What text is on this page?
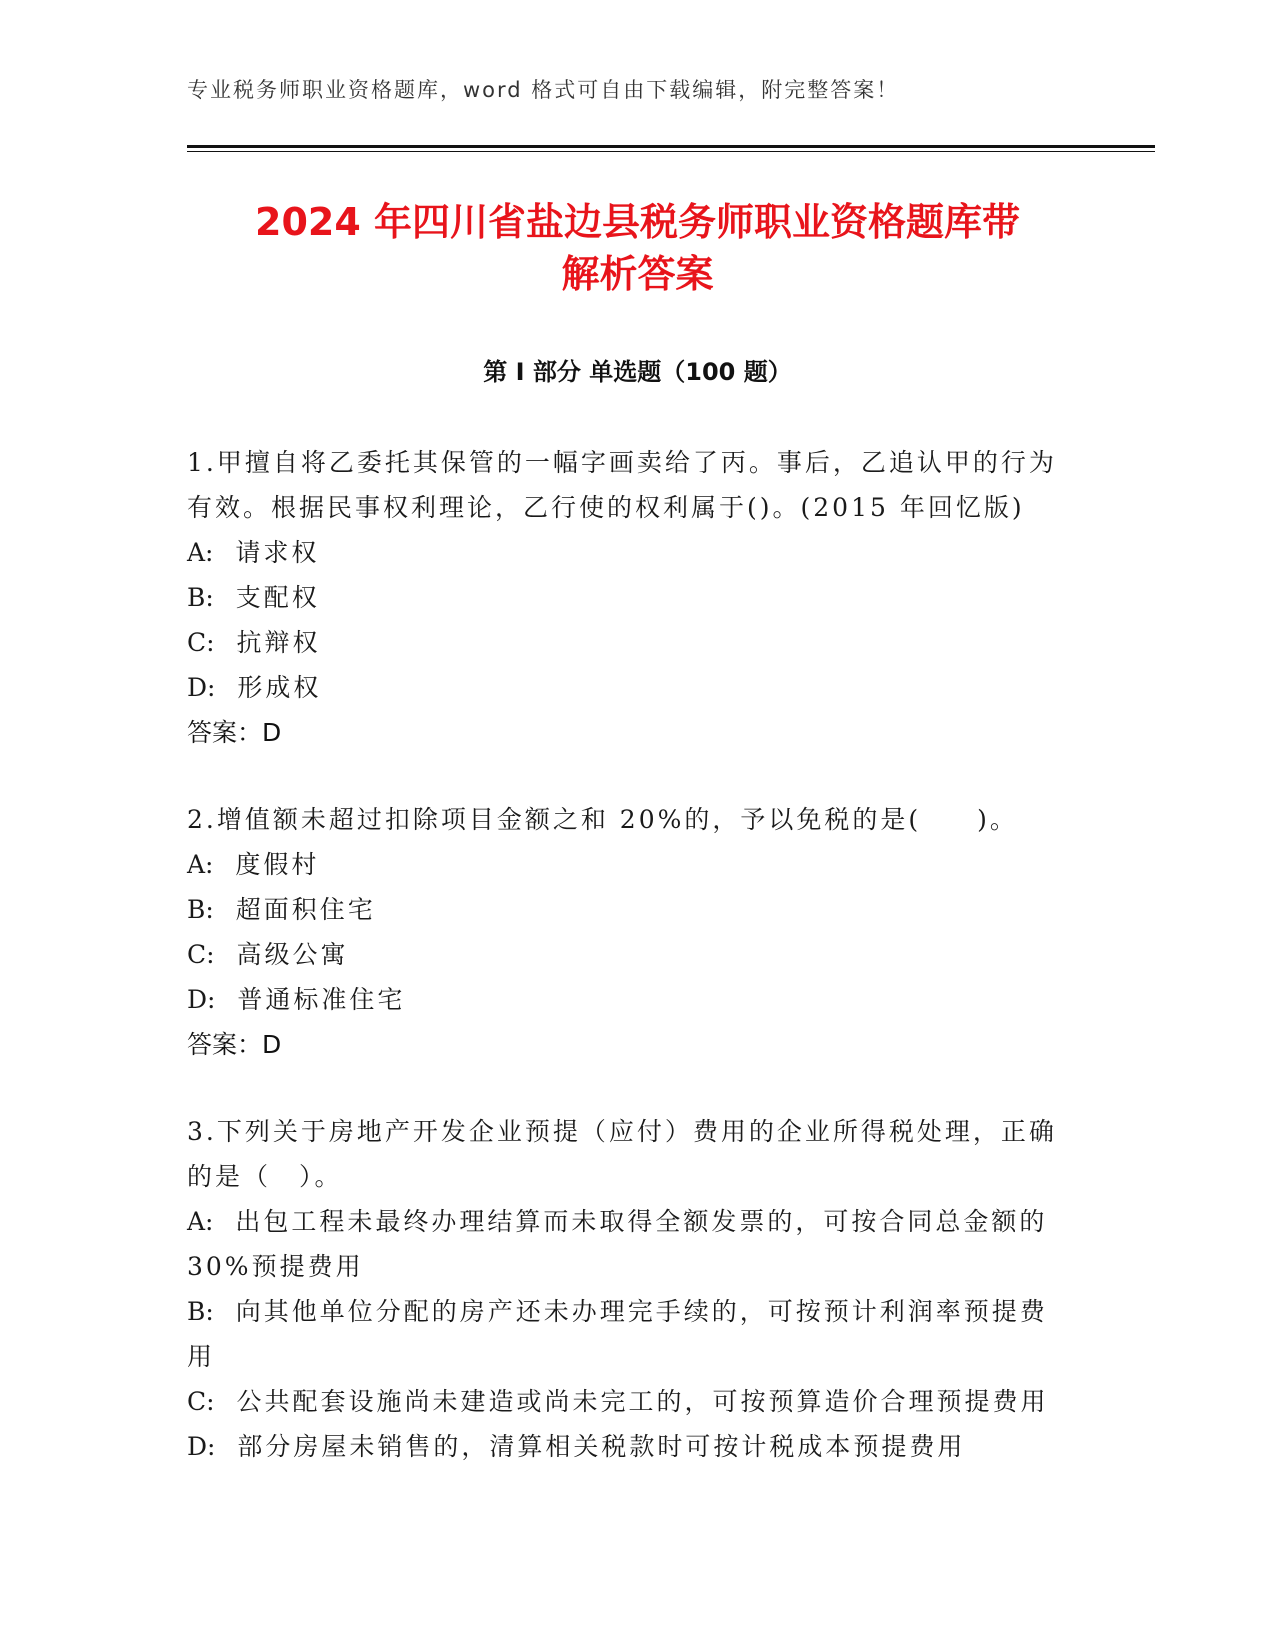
专业税务师职业资格题库，word 格式可自由下载编辑，附完整答案！
2024 年四川省盐边县税务师职业资格题库带
解析答案
第 I 部分 单选题（100 题）
1.甲擅自将乙委托其保管的一幅字画卖给了丙。事后，乙追认甲的行为有效。根据民事权利理论，乙行使的权利属于()。(2015 年回忆版)
A: 请求权
B: 支配权
C: 抗辩权
D: 形成权
答案：D
2.增值额未超过扣除项目金额之和 20%的，予以免税的是(　　)。
A: 度假村
B: 超面积住宅
C: 高级公寓
D: 普通标准住宅
答案：D
3.下列关于房地产开发企业预提（应付）费用的企业所得税处理，正确的是（　）。
A: 出包工程未最终办理结算而未取得全额发票的，可按合同总金额的 30%预提费用
B: 向其他单位分配的房产还未办理完手续的，可按预计利润率预提费用
C: 公共配套设施尚未建造或尚未完工的，可按预算造价合理预提费用
D: 部分房屋未销售的，清算相关税款时可按计税成本预提费用
